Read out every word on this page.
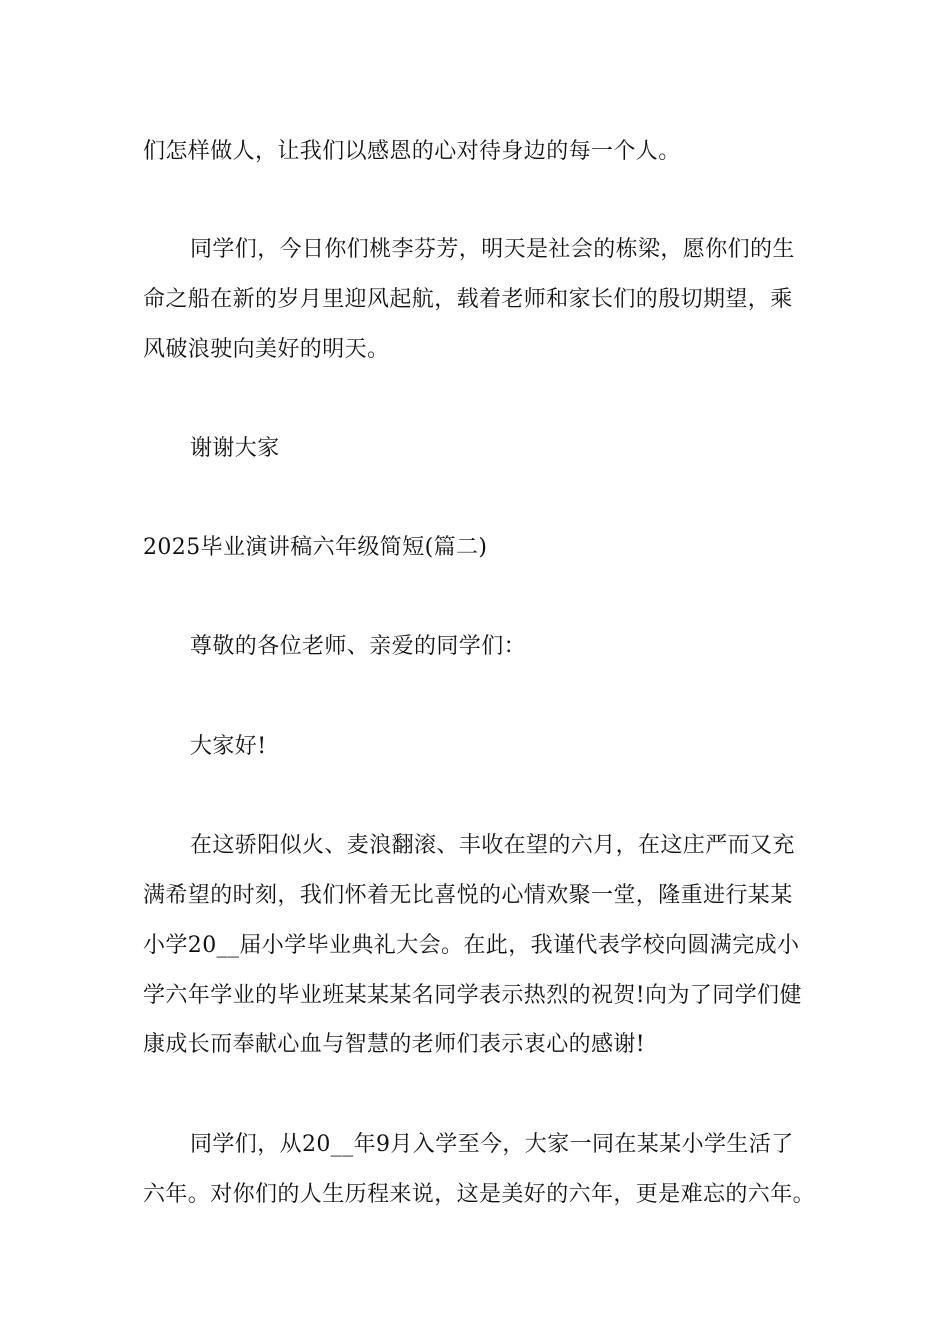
们怎样做人，让我们以感恩的心对待身边的每一个人。
同学们，今日你们桃李芬芳，明天是社会的栋梁，愿你们的生
命之船在新的岁月里迎风起航，载着老师和家长们的殷切期望，乘
风破浪驶向美好的明天。
谢谢大家
2025毕业演讲稿六年级简短(篇二)
尊敬的各位老师、亲爱的同学们：
大家好!
在这骄阳似火、麦浪翻滚、丰收在望的六月，在这庄严而又充
满希望的时刻，我们怀着无比喜悦的心情欢聚一堂，隆重进行某某
小学20__届小学毕业典礼大会。在此，我谨代表学校向圆满完成小
学六年学业的毕业班某某某名同学表示热烈的祝贺!向为了同学们健
康成长而奉献心血与智慧的老师们表示衷心的感谢!
同学们，从20__年9月入学至今，大家一同在某某小学生活了
六年。对你们的人生历程来说，这是美好的六年，更是难忘的六年。
